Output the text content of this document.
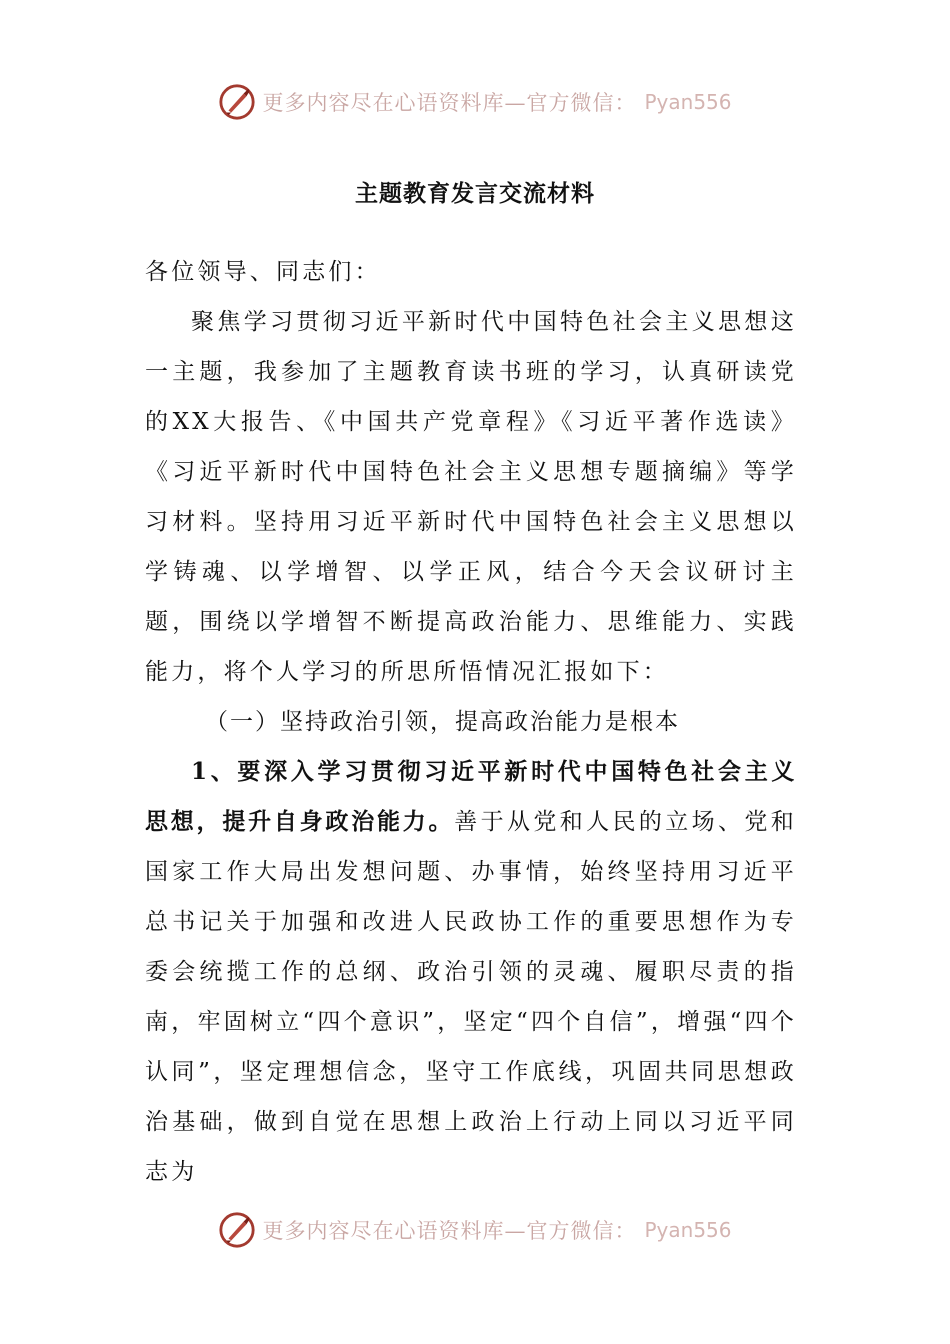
更多内容尽在心语资料库—官方微信： Pyan556
主题教育发言交流材料

各位领导、同志们：

聚焦学习贯彻习近平新时代中国特色社会主义思想这一主题，我参加了主题教育读书班的学习，认真研读党的XX大报告、《中国共产党章程》《习近平著作选读》《习近平新时代中国特色社会主义思想专题摘编》等学习材料。坚持用习近平新时代中国特色社会主义思想以学铸魂、以学增智、以学正风，结合今天会议研讨主题，围绕以学增智不断提高政治能力、思维能力、实践能力，将个人学习的所思所悟情况汇报如下：

（一）坚持政治引领，提高政治能力是根本

1、要深入学习贯彻习近平新时代中国特色社会主义思想，提升自身政治能力。善于从党和人民的立场、党和国家工作大局出发想问题、办事情，始终坚持用习近平总书记关于加强和改进人民政协工作的重要思想作为专委会统揽工作的总纲、政治引领的灵魂、履职尽责的指南，牢固树立“四个意识”，坚定“四个自信”，增强“四个认同”，坚定理想信念，坚守工作底线，巩固共同思想政治基础，做到自觉在思想上政治上行动上同以习近平同志为

更多内容尽在心语资料库—官方微信： Pyan556
